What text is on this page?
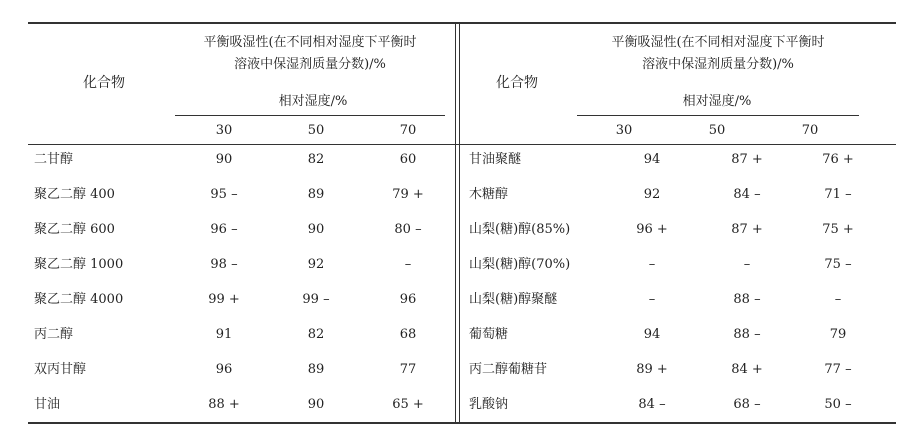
化合物
平衡吸湿性(在不同相对湿度下平衡时
溶液中保湿剂质量分数)/%
相对湿度/%
30	50	70
化合物
平衡吸湿性(在不同相对湿度下平衡时
溶液中保湿剂质量分数)/%
相对湿度/%
30	50	70
二甘醇	90	82	60
聚乙二醇 400	95 –	89	79 +
聚乙二醇 600	96 –	90	80 –
聚乙二醇 1000	98 –	92	–
聚乙二醇 4000	99 +	99 –	96
丙二醇	91	82	68
双丙甘醇	96	89	77
甘油	88 +	90	65 +
甘油聚醚	94	87 +	76 +
木糖醇	92	84 –	71 –
山梨(糖)醇(85%)	96 +	87 +	75 +
山梨(糖)醇(70%)	–	–	75 –
山梨(糖)醇聚醚	–	88 –	–
葡萄糖	94	88 –	79
丙二醇葡糖苷	89 +	84 +	77 –
乳酸钠	84 –	68 –	50 –
